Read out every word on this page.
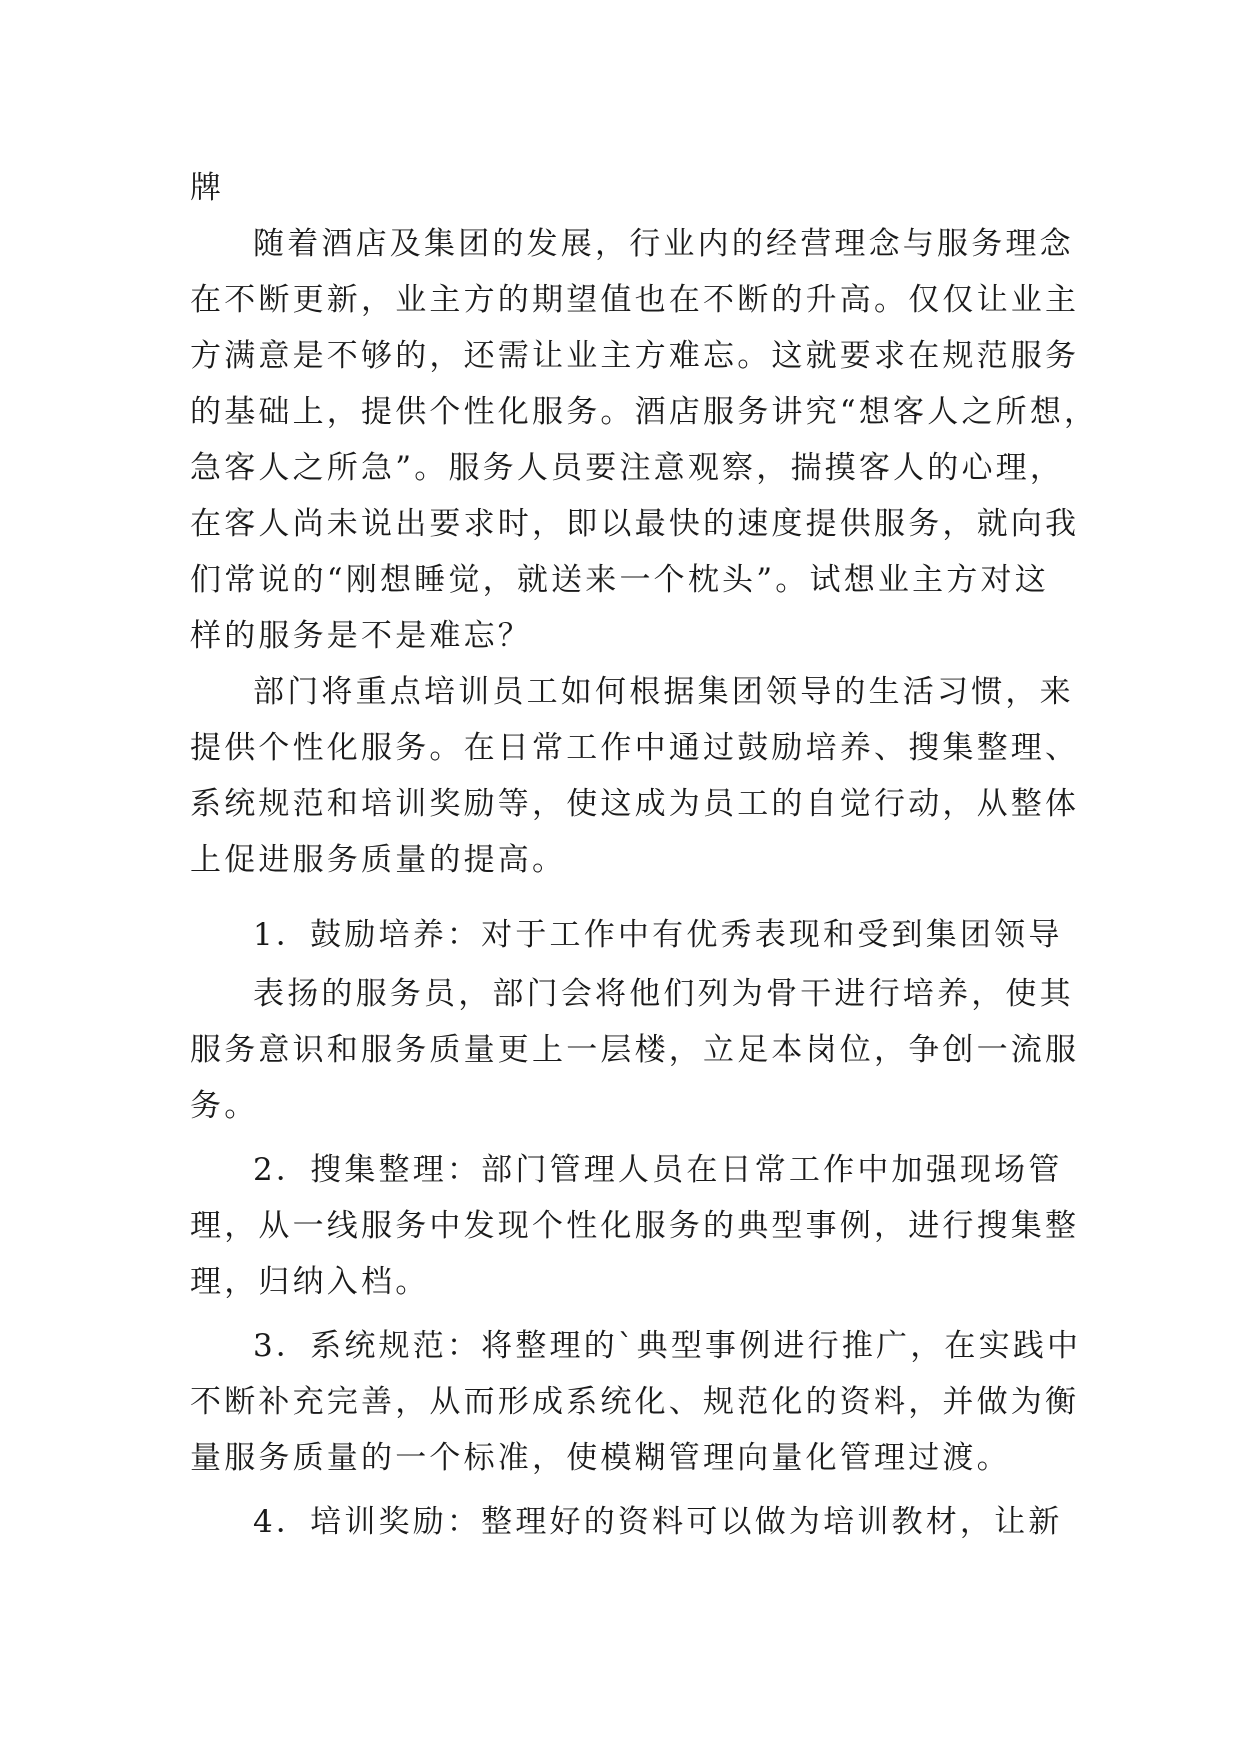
牌
随着酒店及集团的发展，行业内的经营理念与服务理念
在不断更新，业主方的期望值也在不断的升高。仅仅让业主
方满意是不够的，还需让业主方难忘。这就要求在规范服务
的基础上，提供个性化服务。酒店服务讲究“想客人之所想，
急客人之所急”。服务人员要注意观察，揣摸客人的心理，
在客人尚未说出要求时，即以最快的速度提供服务，就向我
们常说的“刚想睡觉，就送来一个枕头”。试想业主方对这
样的服务是不是难忘？
部门将重点培训员工如何根据集团领导的生活习惯，来
提供个性化服务。在日常工作中通过鼓励培养、搜集整理、
系统规范和培训奖励等，使这成为员工的自觉行动，从整体
上促进服务质量的提高。
1．鼓励培养：对于工作中有优秀表现和受到集团领导
表扬的服务员，部门会将他们列为骨干进行培养，使其
服务意识和服务质量更上一层楼，立足本岗位，争创一流服
务。
2．搜集整理：部门管理人员在日常工作中加强现场管
理，从一线服务中发现个性化服务的典型事例，进行搜集整
理，归纳入档。
3．系统规范：将整理的`典型事例进行推广，在实践中
不断补充完善，从而形成系统化、规范化的资料，并做为衡
量服务质量的一个标准，使模糊管理向量化管理过渡。
4．培训奖励：整理好的资料可以做为培训教材，让新
